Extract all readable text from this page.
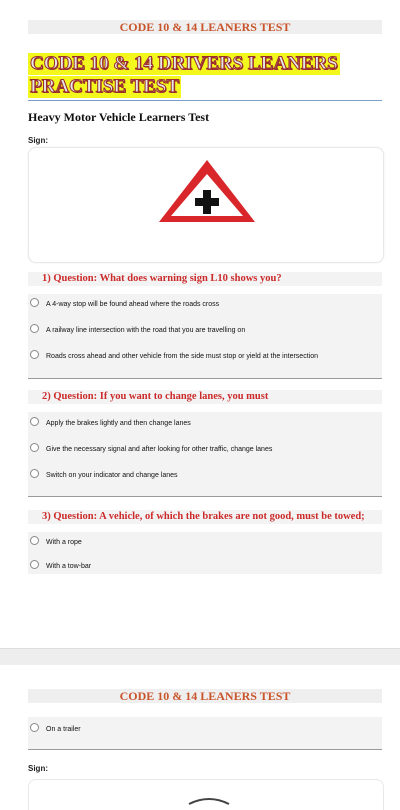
CODE 10 & 14 LEANERS TEST
CODE 10 & 14 DRIVERS LEANERS
PRACTISE TEST
Heavy Motor Vehicle Learners Test
Sign:
1) Question: What does warning sign L10 shows you?
A 4-way stop will be found ahead where the roads cross
A railway line intersection with the road that you are travelling on
Roads cross ahead and other vehicle from the side must stop or yield at the intersection
2) Question: If you want to change lanes, you must
Apply the brakes lightly and then change lanes
Give the necessary signal and after looking for other traffic, change lanes
Switch on your indicator and change lanes
3) Question: A vehicle, of which the brakes are not good, must be towed;
With a rope
With a tow-bar
CODE 10 & 14 LEANERS TEST
On a trailer
Sign:
